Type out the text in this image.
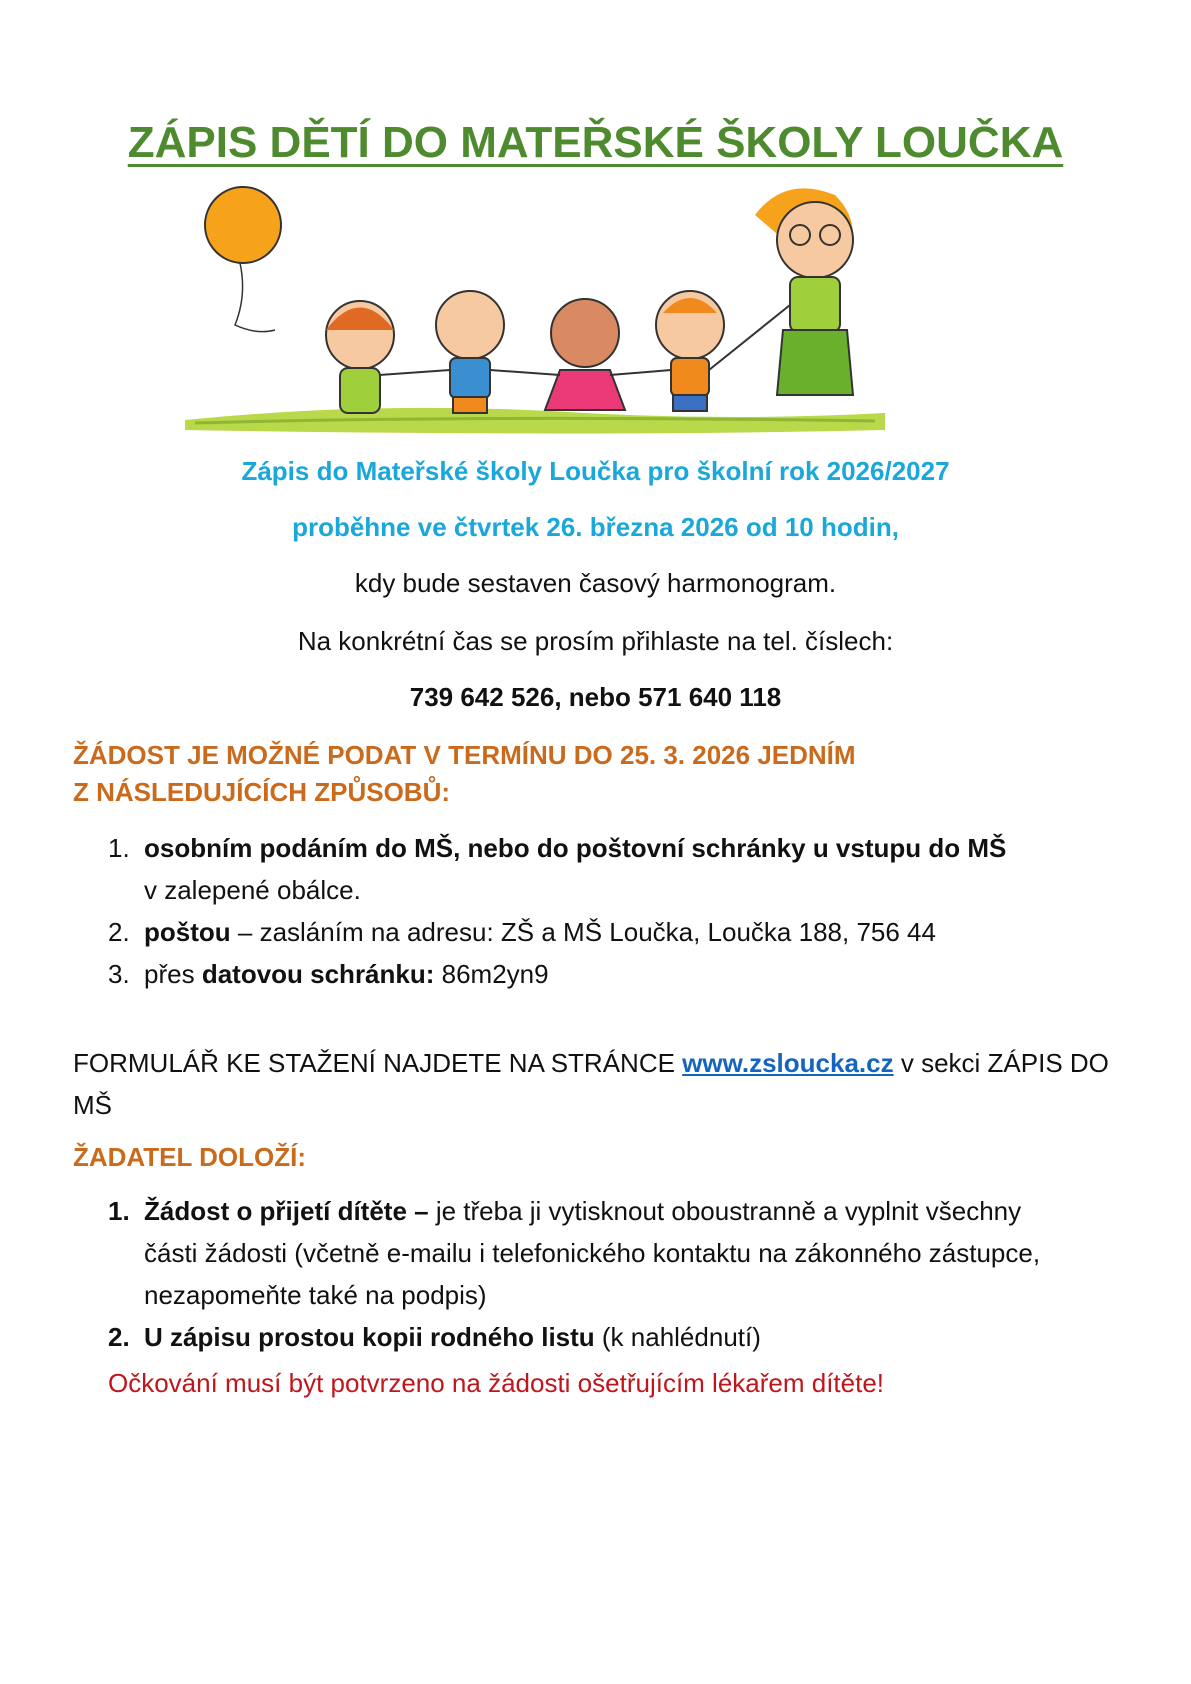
ZÁPIS DĚTÍ DO MATEŘSKÉ ŠKOLY LOUČKA
Zápis do Mateřské školy Loučka pro školní rok 2026/2027
proběhne ve čtvrtek 26. března 2026 od 10 hodin,
kdy bude sestaven časový harmonogram.
Na konkrétní čas se prosím přihlaste na tel. číslech:
739 642 526, nebo 571 640 118
ŽÁDOST JE MOŽNÉ PODAT V TERMÍNU DO 25. 3. 2026 JEDNÍM
Z NÁSLEDUJÍCÍCH ZPŮSOBŮ:
1. osobním podáním do MŠ, nebo do poštovní schránky u vstupu do MŠ
v zalepené obálce.
2. poštou – zasláním na adresu: ZŠ a MŠ Loučka, Loučka 188, 756 44
3. přes datovou schránku: 86m2yn9
FORMULÁŘ KE STAŽENÍ NAJDETE NA STRÁNCE www.zsloucka.cz v sekci ZÁPIS DO MŠ
ŽADATEL DOLOŽÍ:
1. Žádost o přijetí dítěte – je třeba ji vytisknout oboustranně a vyplnit všechny části žádosti (včetně e-mailu i telefonického kontaktu na zákonného zástupce, nezapomeňte také na podpis)
2. U zápisu prostou kopii rodného listu (k nahlédnutí)
Očkování musí být potvrzeno na žádosti ošetřujícím lékařem dítěte!
